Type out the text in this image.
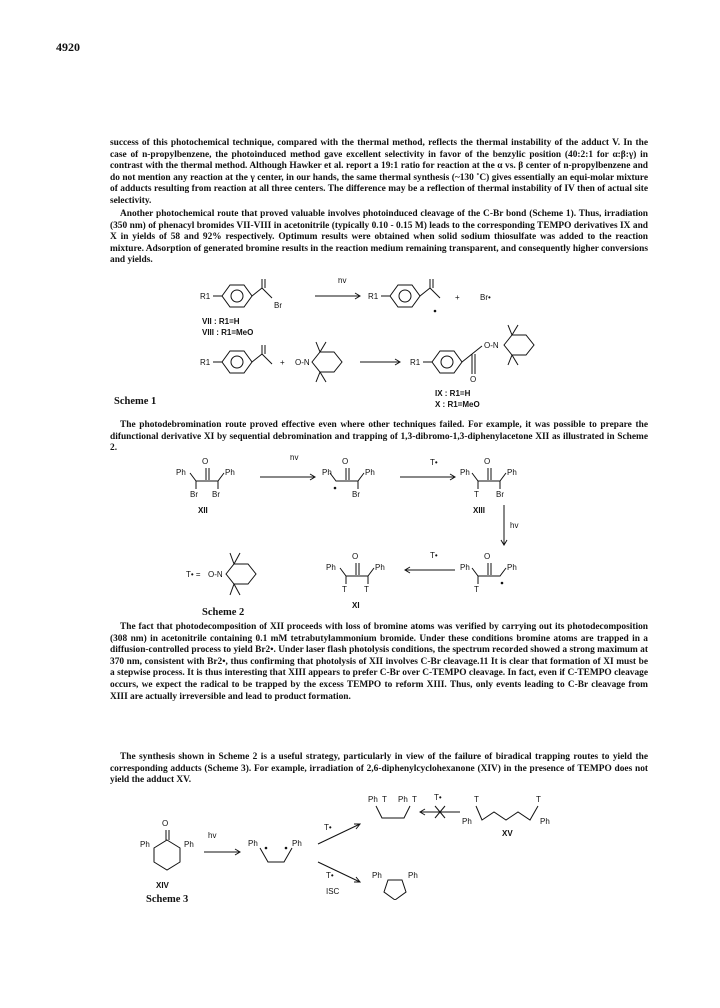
4920

success of this photochemical technique, compared with the thermal method, reflects the thermal instability of the adduct V. In the case of n-propylbenzene, the photoinduced method gave excellent selectivity in favor of the benzylic position (40:2:1 for α:β:γ) in contrast with the thermal method. Although Hawker et al. report a 19:1 ratio for reaction at the α vs. β center of n-propylbenzene and do not mention any reaction at the γ center, in our hands, the same thermal synthesis (~130 ˚C) gives essentially an equi-molar mixture of adducts resulting from reaction at all three centers. The difference may be a reflection of thermal instability of IV then of actual site selectivity.

Another photochemical route that proved valuable involves photoinduced cleavage of the C-Br bond (Scheme 1). Thus, irradiation (350 nm) of phenacyl bromides VII-VIII in acetonitrile (typically 0.10 - 0.15 M) leads to the corresponding TEMPO derivatives IX and X in yields of 58 and 92% respectively. Optimum results were obtained when solid sodium thiosulfate was added to the reaction mixture. Adsorption of generated bromine results in the reaction medium remaining transparent, and consequently higher conversions and yields.

R1
Br
hv
R1	+	Br•
VII : R1=H
VIII : R1=MeO
R1	+ O-N	R1
O-N
O
IX : R1=H
X : R1=MeO
Scheme 1

The photodebromination route proved effective even where other techniques failed. For example, it was possible to prepare the difunctional derivative XI by sequential debromination and trapping of 1,3-dibromo-1,3-diphenylacetone XII as illustrated in Scheme 2.

O
Ph	Ph
Br Br
XII
hv	O
Ph	Ph
Br
T•	O
Ph	Ph
T Br
XIII
hv
T• = O-N
O
Ph	Ph
T T
XI
T•	O
Ph	Ph
T
Scheme 2

The fact that photodecomposition of XII proceeds with loss of bromine atoms was verified by carrying out its photodecomposition (308 nm) in acetonitrile containing 0.1 mM tetrabutylammonium bromide. Under these conditions bromine atoms are trapped in a diffusion-controlled process to yield Br2•. Under laser flash photolysis conditions, the spectrum recorded showed a strong maximum at 370 nm, consistent with Br2•, thus confirming that photolysis of XII involves C-Br cleavage.11 It is clear that formation of XI must be a stepwise process. It is thus interesting that XIII appears to prefer C-Br over C-TEMPO cleavage. In fact, even if C-TEMPO cleavage occurs, we expect the radical to be trapped by the excess TEMPO to reform XIII. Thus, only events leading to C-Br cleavage from XIII are actually irreversible and lead to product formation.

The synthesis shown in Scheme 2 is a useful strategy, particularly in view of the failure of biradical trapping routes to yield the corresponding adducts (Scheme 3). For example, irradiation of 2,6-diphenylcyclohexanone (XIV) in the presence of TEMPO does not yield the adduct XV.

O
Ph	Ph
XIV
hv
Ph	Ph
T•
T•
ISC
Ph T Ph T T•	T	T
Ph	Ph
XV
Ph	Ph
Scheme 3
